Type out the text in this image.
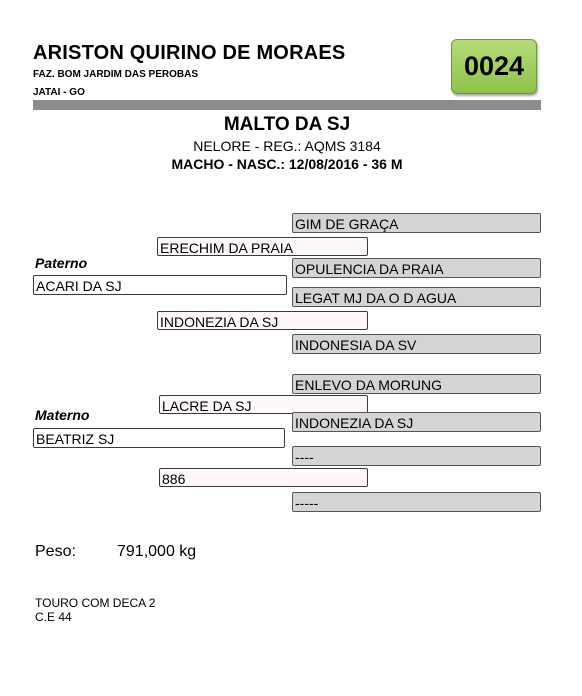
ARISTON QUIRINO DE MORAES
FAZ. BOM JARDIM DAS PEROBAS
JATAI - GO
0024
MALTO DA SJ
NELORE - REG.: AQMS 3184
MACHO - NASC.: 12/08/2016 - 36 M
Paterno
ACARI DA SJ
ERECHIM DA PRAIA
INDONEZIA DA SJ
GIM DE GRAÇA
OPULENCIA DA PRAIA
LEGAT MJ DA O D AGUA
INDONESIA DA SV
Materno
BEATRIZ SJ
ENLEVO DA MORUNG
LACRE DA SJ
INDONEZIA DA SJ
----
886
-----
Peso:	791,000 kg
TOURO COM DECA 2
C.E 44
